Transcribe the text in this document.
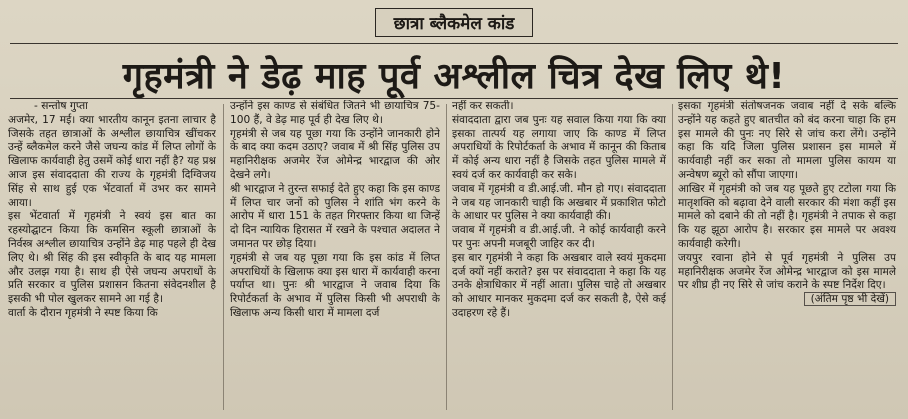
छात्रा ब्लैकमेल कांड
गृहमंत्री ने डेढ़ माह पूर्व अश्लील चित्र देख लिए थे!

- सन्तोष गुप्ता

अजमेर, 17 मई। क्या भारतीय कानून इतना लाचार है जिसके तहत छात्राओं के अश्लील छायाचित्र खींचकर उन्हें ब्लैकमेल करने जैसे जघन्य कांड में लिप्त लोगों के खिलाफ कार्यवाही हेतु उसमें कोई धारा नहीं है? यह प्रश्न आज इस संवाददाता की राज्य के गृहमंत्री दिग्विजय सिंह से साथ हुई एक भेंटवार्ता में उभर कर सामने आया।

इस भेंटवार्ता में गृहमंत्री ने स्वयं इस बात का रहस्योद्घाटन किया कि कमसिन स्कूली छात्राओं के निर्वस्त्र अश्लील छायाचित्र उन्होंने डेढ़ माह पहले ही देख लिए थे। श्री सिंह की इस स्वीकृति के बाद यह मामला और उलझ गया है। साथ ही ऐसे जघन्य अपराधों के प्रति सरकार व पुलिस प्रशासन कितना संवेदनशील है इसकी भी पोल खुलकर सामने आ गई है।

वार्ता के दौरान गृहमंत्री ने स्पष्ट किया कि

उन्होंने इस काण्ड से संबंधित जितने भी छायाचित्र 75-100 हैं, वे डेढ़ माह पूर्व ही देख लिए थे।

गृहमंत्री से जब यह पूछा गया कि उन्होंने जानकारी होने के बाद क्या कदम उठाए? जवाब में श्री सिंह पुलिस उप महानिरीक्षक अजमेर रेंज ओमेन्द्र भारद्वाज की ओर देखने लगे।

श्री भारद्वाज ने तुरन्त सफाई देते हुए कहा कि इस काण्ड में लिप्त चार जनों को पुलिस ने शांति भंग करने के आरोप में धारा 151 के तहत गिरफ्तार किया था जिन्हें दो दिन न्यायिक हिरासत में रखने के पश्चात अदालत ने जमानत पर छोड़ दिया।

गृहमंत्री से जब यह पूछा गया कि इस कांड में लिप्त अपराधियों के खिलाफ क्या इस धारा में कार्यवाही करना पर्याप्त था। पुनः श्री भारद्वाज ने जवाब दिया कि रिपोर्टकर्ता के अभाव में पुलिस किसी भी अपराधी के खिलाफ अन्य किसी धारा में मामला दर्ज

नहीं कर सकती।

संवाददाता द्वारा जब पुनः यह सवाल किया गया कि क्या इसका तात्पर्य यह लगाया जाए कि काण्ड में लिप्त अपराधियों के रिपोर्टकर्ता के अभाव में कानून की किताब में कोई अन्य धारा नहीं है जिसके तहत पुलिस मामले में स्वयं दर्ज कर कार्यवाही कर सके।

जवाब में गृहमंत्री व डी.आई.जी. मौन हो गए। संवाददाता ने जब यह जानकारी चाही कि अखबार में प्रकाशित फोटो के आधार पर पुलिस ने क्या कार्यवाही की।

जवाब में गृहमंत्री व डी.आई.जी. ने कोई कार्यवाही करने पर पुनः अपनी मजबूरी जाहिर कर दी।

इस बार गृहमंत्री ने कहा कि अखबार वाले स्वयं मुकदमा दर्ज क्यों नहीं कराते? इस पर संवाददाता ने कहा कि यह उनके क्षेत्राधिकार में नहीं आता। पुलिस चाहे तो अखबार को आधार मानकर मुकदमा दर्ज कर सकती है, ऐसे कई उदाहरण रहे हैं।

इसका गृहमंत्री संतोषजनक जवाब नहीं दे सके बल्कि उन्होंने यह कहते हुए बातचीत को बंद करना चाहा कि हम इस मामले की पुनः नए सिरे से जांच करा लेंगे। उन्होंने कहा कि यदि जिला पुलिस प्रशासन इस मामले में कार्यवाही नहीं कर सका तो मामला पुलिस कायम या अन्वेषण ब्यूरो को सौंपा जाएगा।

आखिर में गृहमंत्री को जब यह पूछते हुए टटोला गया कि मातृशक्ति को बढ़ावा देने वाली सरकार की मंशा कहीं इस मामले को दबाने की तो नहीं है। गृहमंत्री ने तपाक से कहा कि यह झूठा आरोप है। सरकार इस मामले पर अवश्य कार्यवाही करेगी।

जयपुर रवाना होने से पूर्व गृहमंत्री ने पुलिस उप महानिरीक्षक अजमेर रेंज ओमेन्द्र भारद्वाज को इस मामले पर शीघ्र ही नए सिरे से जांच कराने के स्पष्ट निर्देश दिए।

(अंतिम पृष्ठ भी देखें)
